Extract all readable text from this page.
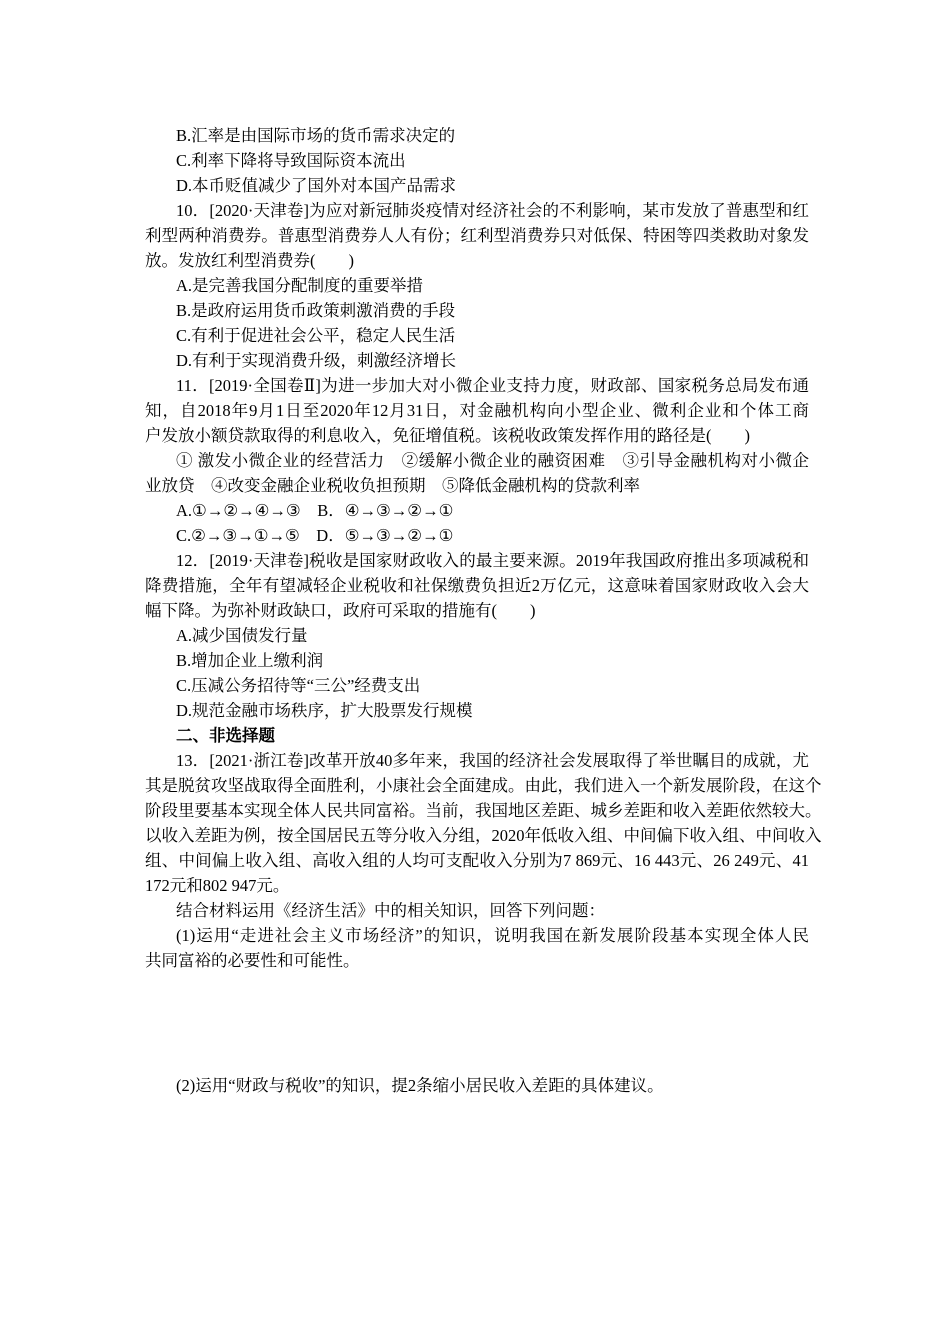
B.汇率是由国际市场的货币需求决定的
C.利率下降将导致国际资本流出
D.本币贬值减少了国外对本国产品需求
10．[2020·天津卷]为应对新冠肺炎疫情对经济社会的不利影响，某市发放了普惠型和红
利型两种消费券。普惠型消费券人人有份；红利型消费券只对低保、特困等四类救助对象发
放。发放红利型消费券(　　)
A.是完善我国分配制度的重要举措
B.是政府运用货币政策刺激消费的手段
C.有利于促进社会公平，稳定人民生活
D.有利于实现消费升级，刺激经济增长
11．[2019·全国卷Ⅱ]为进一步加大对小微企业支持力度，财政部、国家税务总局发布通
知，自2018年9月1日至2020年12月31日，对金融机构向小型企业、微利企业和个体工商
户发放小额贷款取得的利息收入，免征增值税。该税收政策发挥作用的路径是(　　)
① 激发小微企业的经营活力　②缓解小微企业的融资困难　③引导金融机构对小微企
业放贷　④改变金融企业税收负担预期　⑤降低金融机构的贷款利率
A.①→②→④→③　B．④→③→②→①
C.②→③→①→⑤　D．⑤→③→②→①
12．[2019·天津卷]税收是国家财政收入的最主要来源。2019年我国政府推出多项减税和
降费措施，全年有望减轻企业税收和社保缴费负担近2万亿元，这意味着国家财政收入会大
幅下降。为弥补财政缺口，政府可采取的措施有(　　)
A.减少国债发行量
B.增加企业上缴利润
C.压减公务招待等“三公”经费支出
D.规范金融市场秩序，扩大股票发行规模
二、非选择题
13．[2021·浙江卷]改革开放40多年来，我国的经济社会发展取得了举世瞩目的成就，尤
其是脱贫攻坚战取得全面胜利，小康社会全面建成。由此，我们进入一个新发展阶段，在这个
阶段里要基本实现全体人民共同富裕。当前，我国地区差距、城乡差距和收入差距依然较大。
以收入差距为例，按全国居民五等分收入分组，2020年低收入组、中间偏下收入组、中间收入
组、中间偏上收入组、高收入组的人均可支配收入分别为7 869元、16 443元、26 249元、41
172元和802 947元。
结合材料运用《经济生活》中的相关知识，回答下列问题：
(1)运用“走进社会主义市场经济”的知识，说明我国在新发展阶段基本实现全体人民
共同富裕的必要性和可能性。
(2)运用“财政与税收”的知识，提2条缩小居民收入差距的具体建议。
